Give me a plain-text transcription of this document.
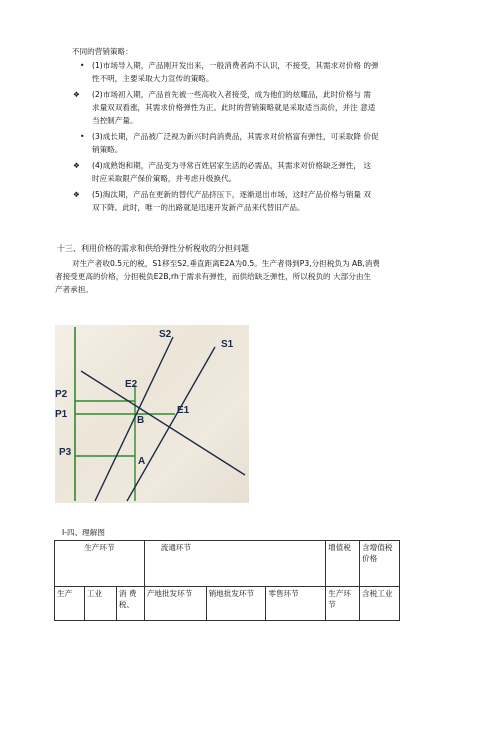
不同的营销策略：
• (1)市场导入期，产品刚开发出来，一般消费者尚不认识，不接受，其需求对价格 的弹
性不明，主要采取大力宣传的策略。
❖ (2)市场初入期，产品首先被一些高收入者接受，成为他们的炫耀品，此时价格与 需
求量双双看涨，其需求价格弹性为正。此时的营销策略就是采取适当高价，并注 意适
当控制产量。
• (3)成长期，产品被广泛视为新兴时尚消费品，其需求对价格富有弹性，可采取降 价促
销策略。
❖ (4)成熟饱和期，产品变为寻常百姓居家生活的必需品，其需求对价格缺乏弹性， 这
时应采取限产保价策略，并考虑升级换代。
❖ (5)淘汰期，产品在更新的替代产品挤压下，逐渐退出市场，这时产品价格与销量 双
双下降。此时，唯一的出路就是迅速开发新产品来代替旧产品。
十三、利用价格的需求和供给弹性分析税收的分担问题
对生产者收0.5元的税，S1移至S2,垂直距离E2A为0.5。生产者得到P3,分担税负为 AB,消费
者接受更高的价格，分担税负E2B,rh于需求有弹性，而供给缺乏弹性，所以税负的 大部分由生
产者承担。
S2
S1
E2
E1
B
A
P2
P1
P3
I-四、理解图
生产环节			流通环节			增值税	含增值税价格
生产	工业	消 费税、	产地批发环节	销地批发环节	零售环节	生产环节	含税工业
